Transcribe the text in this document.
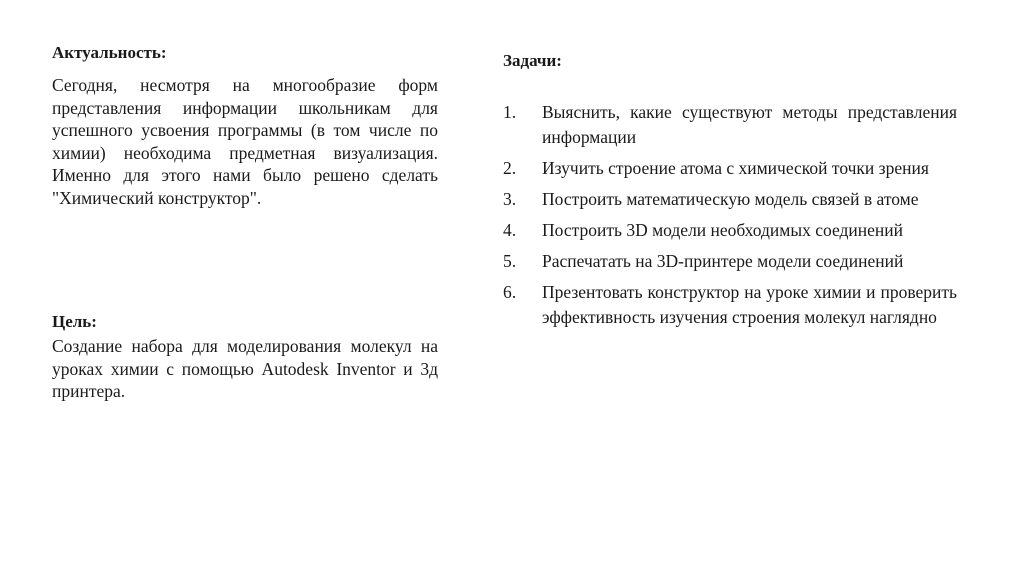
Актуальность:

Сегодня, несмотря на многообразие форм представления информации школьникам для успешного усвоения программы (в том числе по химии) необходима предметная визуализация. Именно для этого нами было решено сделать "Химический конструктор".

Цель:

Создание набора для моделирования молекул на уроках химии с помощью Autodesk Inventor и 3д принтера.

Задачи:
1.	Выяснить, какие существуют методы представления информации
2.	Изучить строение атома с химической точки зрения
3.	Построить математическую модель связей в атоме
4.	Построить 3D модели необходимых соединений
5.	Распечатать на 3D-принтере модели соединений
6.	Презентовать конструктор на уроке химии и проверить эффективность изучения строения молекул наглядно
